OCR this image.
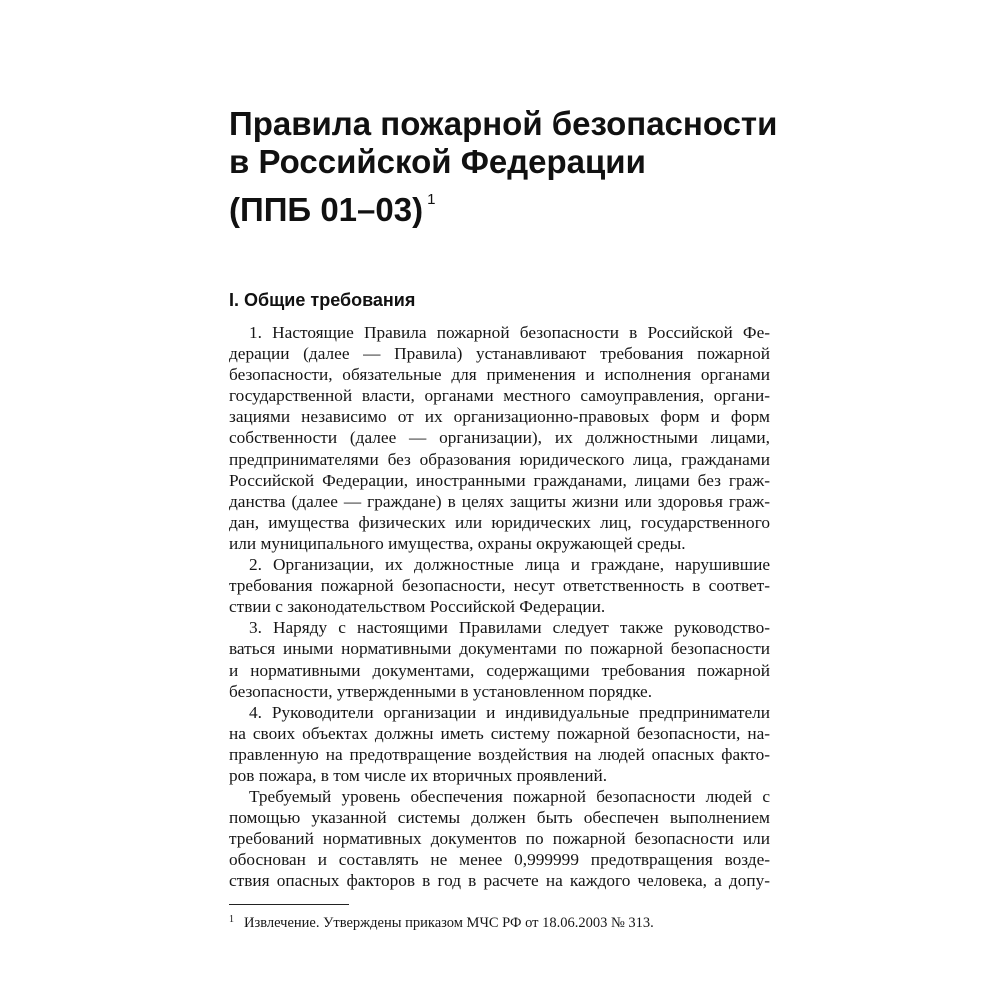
Правила пожарной безопасности
в Российской Федерации
(ППБ 01–03) $^1$
I. Общие требования
1. Настоящие Правила пожарной безопасности в Российской Фе-
дерации (далее — Правила) устанавливают требования пожарной
безопасности, обязательные для применения и исполнения органами
государственной власти, органами местного самоуправления, органи-
зациями независимо от их организационно-правовых форм и форм
собственности (далее — организации), их должностными лицами,
предпринимателями без образования юридического лица, гражданами
Российской Федерации, иностранными гражданами, лицами без граж-
данства (далее — граждане) в целях защиты жизни или здоровья граж-
дан, имущества физических или юридических лиц, государственного
или муниципального имущества, охраны окружающей среды.
2. Организации, их должностные лица и граждане, нарушившие
требования пожарной безопасности, несут ответственность в соответ-
ствии с законодательством Российской Федерации.
3. Наряду с настоящими Правилами следует также руководство-
ваться иными нормативными документами по пожарной безопасности
и нормативными документами, содержащими требования пожарной
безопасности, утвержденными в установленном порядке.
4. Руководители организации и индивидуальные предприниматели
на своих объектах должны иметь систему пожарной безопасности, на-
правленную на предотвращение воздействия на людей опасных факто-
ров пожара, в том числе их вторичных проявлений.
Требуемый уровень обеспечения пожарной безопасности людей с
помощью указанной системы должен быть обеспечен выполнением
требований нормативных документов по пожарной безопасности или
обоснован и составлять не менее 0,999999 предотвращения возде-
ствия опасных факторов в год в расчете на каждого человека, а допу-
$^1$ Извлечение. Утверждены приказом МЧС РФ от 18.06.2003 № 313.
